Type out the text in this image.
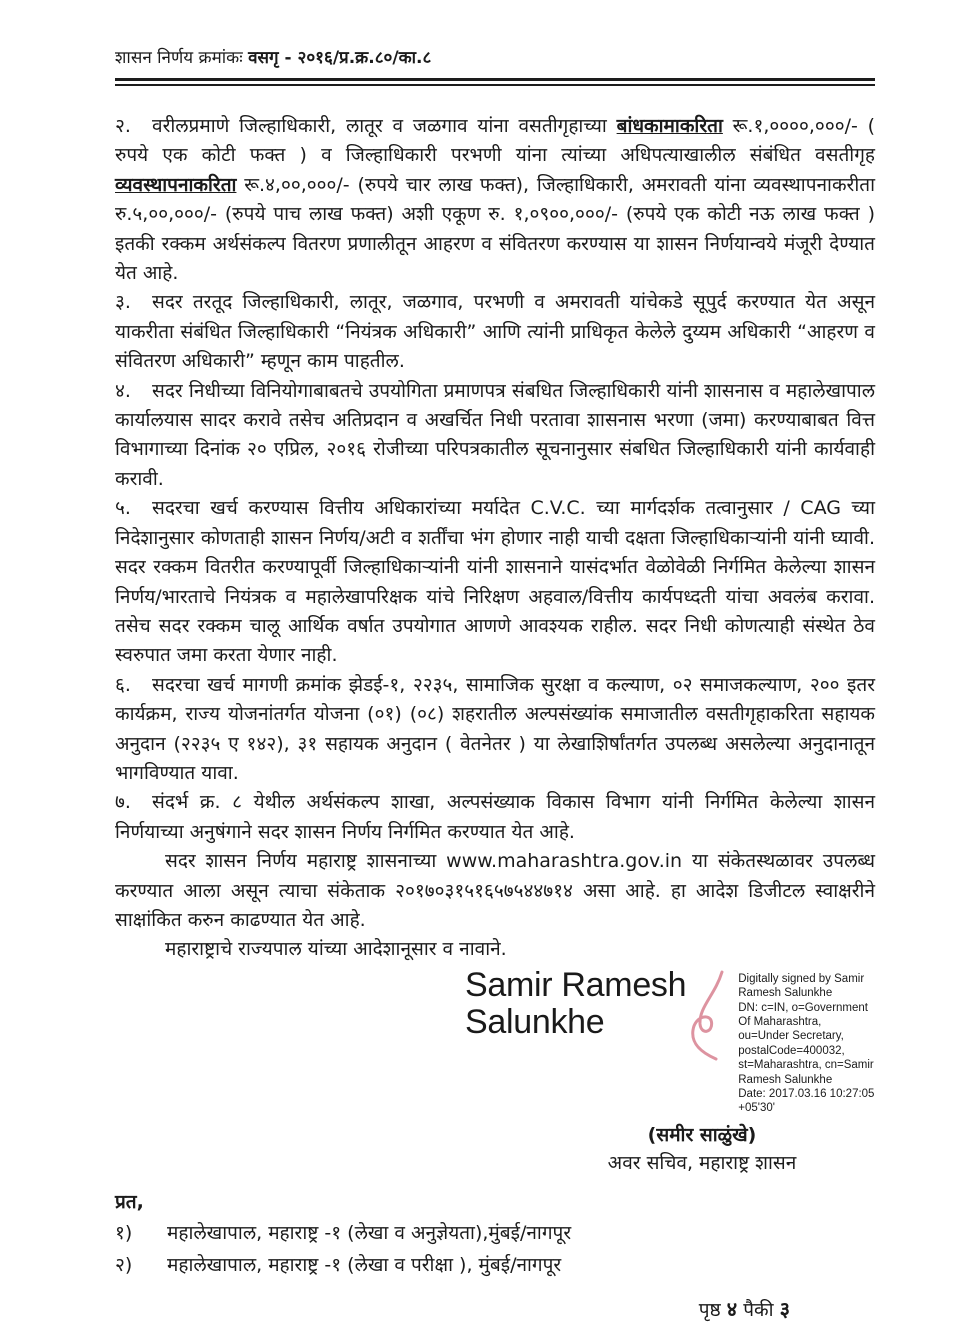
शासन निर्णय क्रमांकः वसगृ - २०१६/प्र.क्र.८०/का.८

२. वरीलप्रमाणे जिल्हाधिकारी, लातूर व जळगाव यांना वसतीगृहाच्या बांधकामाकरिता रू.१,००००,०००/- ( रुपये एक कोटी फक्त ) व जिल्हाधिकारी परभणी यांना त्यांच्या अधिपत्याखालील संबंधित वसतीगृह व्यवस्थापनाकरिता रू.४,००,०००/- (रुपये चार लाख फक्त), जिल्हाधिकारी, अमरावती यांना व्यवस्थापनाकरीता रु.५,००,०००/- (रुपये पाच लाख फक्त) अशी एकूण रु. १,०९००,०००/- (रुपये एक कोटी नऊ लाख फक्त ) इतकी रक्कम अर्थसंकल्प वितरण प्रणालीतून आहरण व संवितरण करण्यास या शासन निर्णयान्वये मंजूरी देण्यात येत आहे.

३. सदर तरतूद जिल्हाधिकारी, लातूर, जळगाव, परभणी व अमरावती यांचेकडे सूपुर्द करण्यात येत असून याकरीता संबंधित जिल्हाधिकारी “नियंत्रक अधिकारी” आणि त्यांनी प्राधिकृत केलेले दुय्यम अधिकारी “आहरण व संवितरण अधिकारी” म्हणून काम पाहतील.

४. सदर निधीच्या विनियोगाबाबतचे उपयोगिता प्रमाणपत्र संबधित जिल्हाधिकारी यांनी शासनास व महालेखापाल कार्यालयास सादर करावे तसेच अतिप्रदान व अखर्चित निधी परतावा शासनास भरणा (जमा) करण्याबाबत वित्त विभागाच्या दिनांक २० एप्रिल, २०१६ रोजीच्या परिपत्रकातील सूचनानुसार संबधित जिल्हाधिकारी यांनी कार्यवाही करावी.

५. सदरचा खर्च करण्यास वित्तीय अधिकारांच्या मर्यादेत C.V.C. च्या मार्गदर्शक तत्वानुसार / CAG च्या निदेशानुसार कोणताही शासन निर्णय/अटी व शर्तींचा भंग होणार नाही याची दक्षता जिल्हाधिकाऱ्यांनी यांनी घ्यावी. सदर रक्कम वितरीत करण्यापूर्वी जिल्हाधिकाऱ्यांनी यांनी शासनाने यासंदर्भात वेळोवेळी निर्गमित केलेल्या शासन निर्णय/भारताचे नियंत्रक व महालेखापरिक्षक यांचे निरिक्षण अहवाल/वित्तीय कार्यपध्दती यांचा अवलंब करावा. तसेच सदर रक्कम चालू आर्थिक वर्षात उपयोगात आणणे आवश्यक राहील. सदर निधी कोणत्याही संस्थेत ठेव स्वरुपात जमा करता येणार नाही.

६. सदरचा खर्च मागणी क्रमांक झेडई-१, २२३५, सामाजिक सुरक्षा व कल्याण, ०२ समाजकल्याण, २०० इतर कार्यक्रम, राज्य योजनांतर्गत योजना (०१) (०८) शहरातील अल्पसंख्यांक समाजातील वसतीगृहाकरिता सहायक अनुदान (२२३५ ए १४२), ३१ सहायक अनुदान ( वेतनेतर ) या लेखाशिर्षांतर्गत उपलब्ध असलेल्या अनुदानातून भागविण्यात यावा.

७. संदर्भ क्र. ८ येथील अर्थसंकल्प शाखा, अल्पसंख्याक विकास विभाग यांनी निर्गमित केलेल्या शासन निर्णयाच्या अनुषंगाने सदर शासन निर्णय निर्गमित करण्यात येत आहे.

सदर शासन निर्णय महाराष्ट्र शासनाच्या www.maharashtra.gov.in या संकेतस्थळावर उपलब्ध करण्यात आला असून त्याचा संकेताक २०१७०३१५१६५७५४४७१४ असा आहे. हा आदेश डिजीटल स्वाक्षरीने साक्षांकित करुन काढण्यात येत आहे.

महाराष्ट्राचे राज्यपाल यांच्या आदेशानूसार व नावाने.

Samir Ramesh
Salunkhe
Digitally signed by Samir Ramesh Salunkhe
DN: c=IN, o=Government Of Maharashtra,
ou=Under Secretary, postalCode=400032,
st=Maharashtra, cn=Samir Ramesh Salunkhe
Date: 2017.03.16 10:27:05 +05'30'
(समीर साळुंखे)
अवर सचिव, महाराष्ट्र शासन
प्रत,
१) महालेखापाल, महाराष्ट्र -१ (लेखा व अनुज्ञेयता),मुंबई/नागपूर
२) महालेखापाल, महाराष्ट्र -१ (लेखा व परीक्षा ), मुंबई/नागपूर
पृष्ठ ४ पैकी ३
